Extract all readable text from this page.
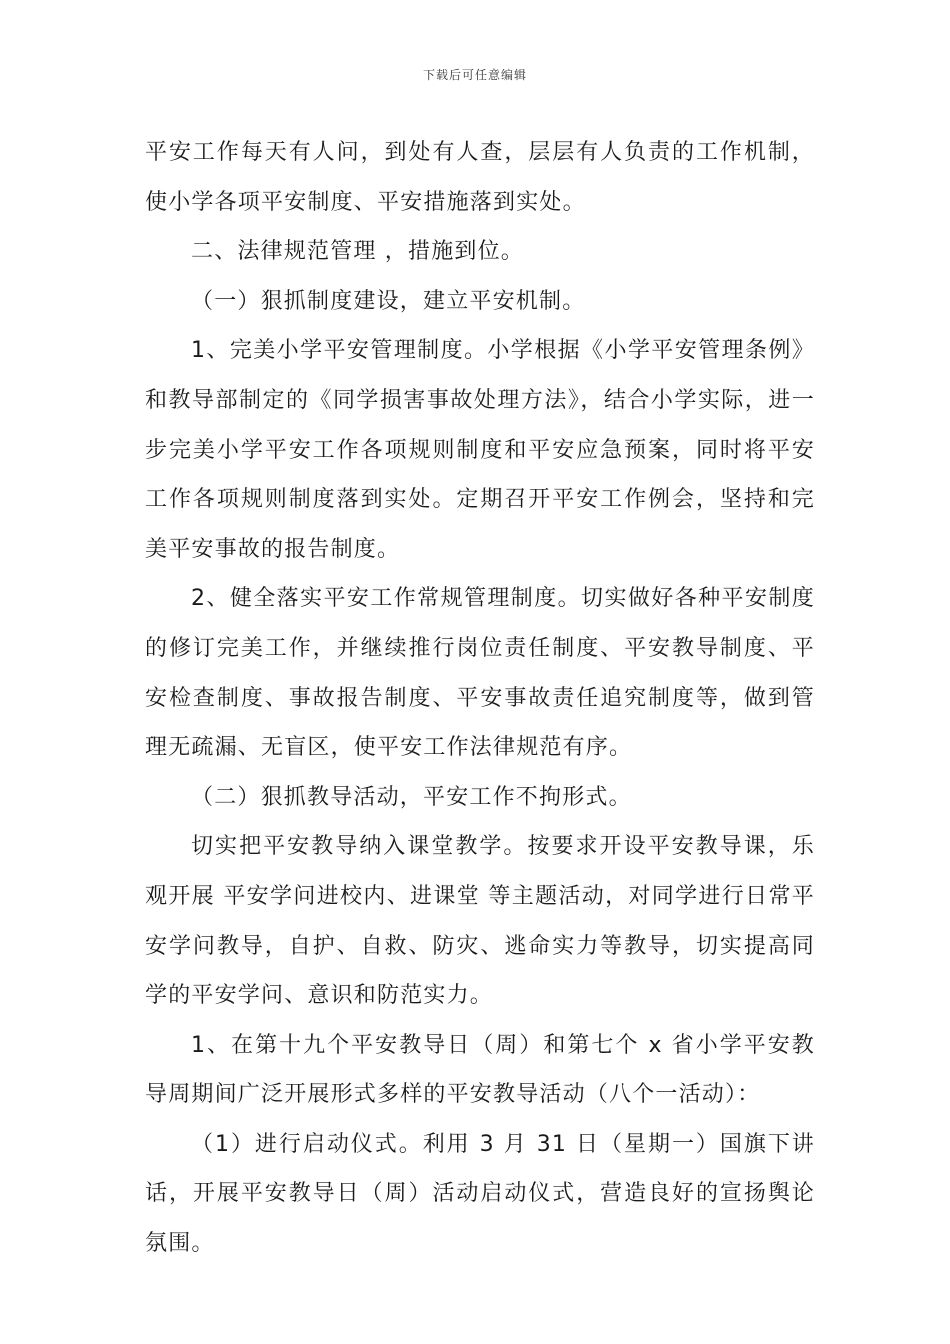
下载后可任意编辑

平安工作每天有人问，到处有人查，层层有人负责的工作机制，使小学各项平安制度、平安措施落到实处。

二、法律规范管理 ，措施到位。

（一）狠抓制度建设，建立平安机制。

1、完美小学平安管理制度。小学根据《小学平安管理条例》和教导部制定的《同学损害事故处理方法》，结合小学实际，进一步完美小学平安工作各项规则制度和平安应急预案，同时将平安工作各项规则制度落到实处。定期召开平安工作例会，坚持和完美平安事故的报告制度。

2、健全落实平安工作常规管理制度。切实做好各种平安制度的修订完美工作，并继续推行岗位责任制度、平安教导制度、平安检查制度、事故报告制度、平安事故责任追究制度等，做到管理无疏漏、无盲区，使平安工作法律规范有序。

（二）狠抓教导活动，平安工作不拘形式。

切实把平安教导纳入课堂教学。按要求开设平安教导课，乐观开展 平安学问进校内、进课堂 等主题活动，对同学进行日常平安学问教导，自护、自救、防灾、逃命实力等教导，切实提高同学的平安学问、意识和防范实力。

1、在第十九个平安教导日（周）和第七个 x 省小学平安教导周期间广泛开展形式多样的平安教导活动（八个一活动）：

（1）进行启动仪式。利用 3 月 31 日（星期一）国旗下讲话，开展平安教导日（周）活动启动仪式，营造良好的宣扬舆论氛围。
